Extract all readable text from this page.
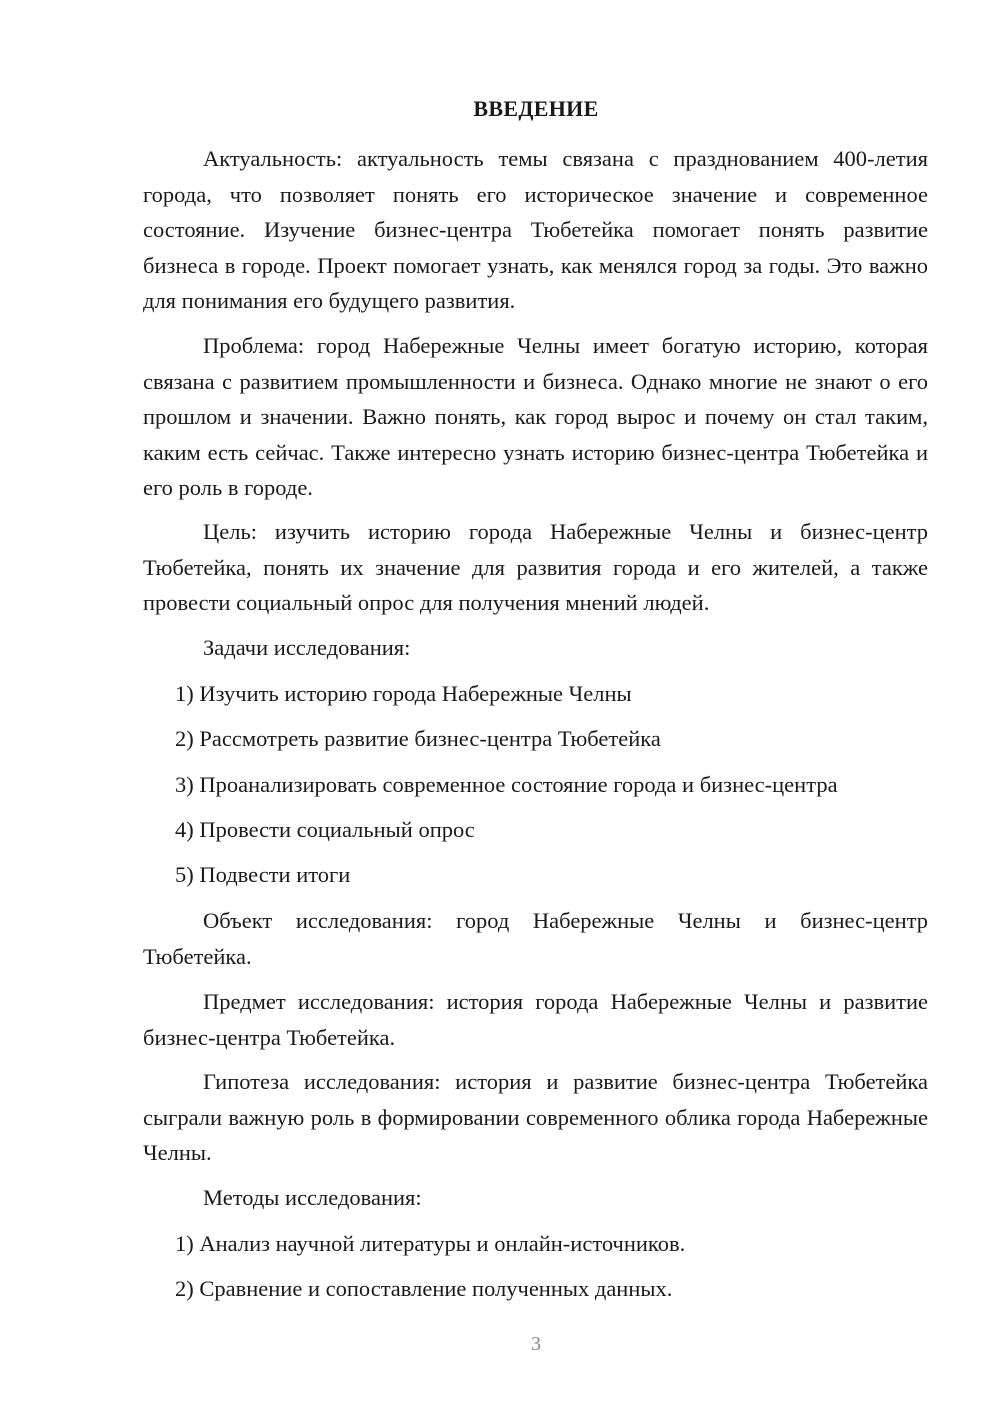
ВВЕДЕНИЕ

Актуальность: актуальность темы связана с празднованием 400-летия города, что позволяет понять его историческое значение и современное состояние. Изучение бизнес-центра Тюбетейка помогает понять развитие бизнеса в городе. Проект помогает узнать, как менялся город за годы. Это важно для понимания его будущего развития.

Проблема: город Набережные Челны имеет богатую историю, которая связана с развитием промышленности и бизнеса. Однако многие не знают о его прошлом и значении. Важно понять, как город вырос и почему он стал таким, каким есть сейчас. Также интересно узнать историю бизнес-центра Тюбетейка и его роль в городе.

Цель: изучить историю города Набережные Челны и бизнес-центр Тюбетейка, понять их значение для развития города и его жителей, а также провести социальный опрос для получения мнений людей.

Задачи исследования:

1) Изучить историю города Набережные Челны

2) Рассмотреть развитие бизнес-центра Тюбетейка

3) Проанализировать современное состояние города и бизнес-центра

4) Провести социальный опрос

5) Подвести итоги

Объект исследования: город Набережные Челны и бизнес-центр Тюбетейка.

Предмет исследования: история города Набережные Челны и развитие бизнес-центра Тюбетейка.

Гипотеза исследования: история и развитие бизнес-центра Тюбетейка сыграли важную роль в формировании современного облика города Набережные Челны.

Методы исследования:

1) Анализ научной литературы и онлайн-источников.

2) Сравнение и сопоставление полученных данных.

3
